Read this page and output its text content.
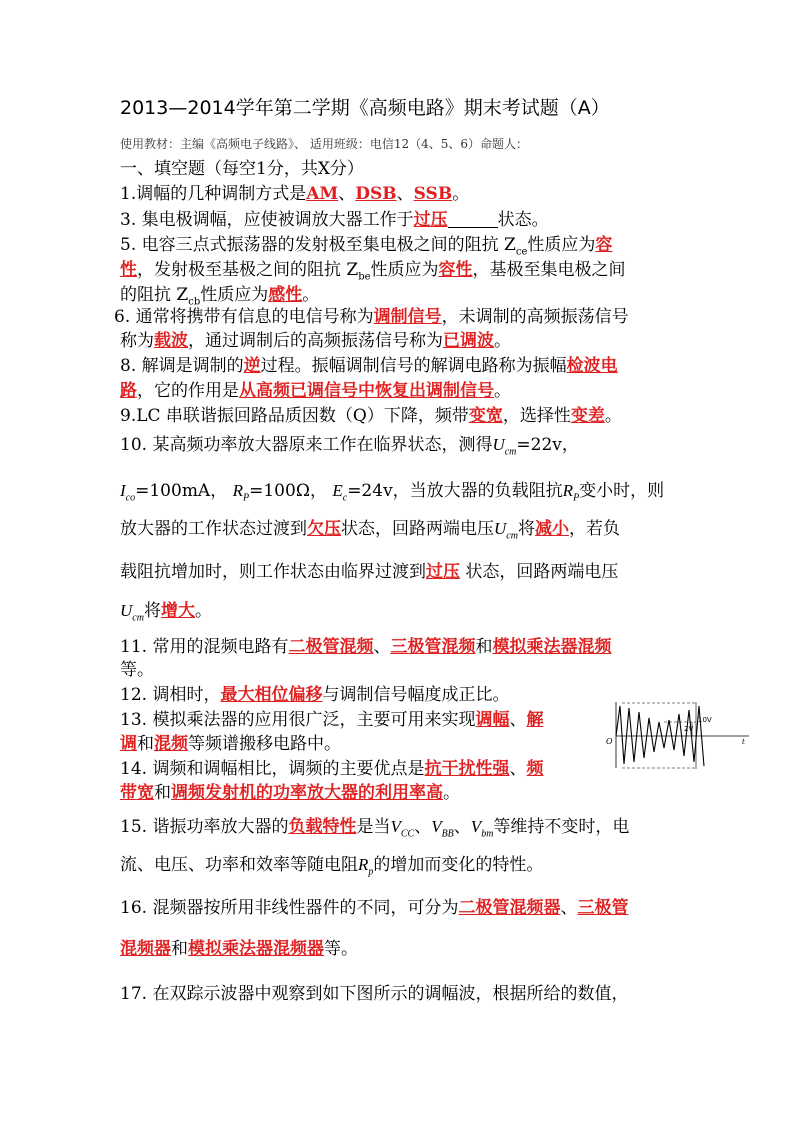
2013—2014学年第二学期《高频电路》期末考试题（A）
使用教材：主编《高频电子线路》、 适用班级：电信12（4、5、6）命题人：
一、填空题（每空1分，共X分）
1.调幅的几种调制方式是AM、DSB、SSB。
3. 集电极调幅，应使被调放大器工作于过压	状态。
5. 电容三点式振荡器的发射极至集电极之间的阻抗 $Z_{ce}$性质应为容
性，发射极至基极之间的阻抗 $Z_{be}$性质应为容性，基极至集电极之间
的阻抗 $Z_{cb}$性质应为感性。
6. 通常将携带有信息的电信号称为调制信号，未调制的高频振荡信号
称为载波，通过调制后的高频振荡信号称为已调波。
8. 解调是调制的逆过程。振幅调制信号的解调电路称为振幅检波电
路，它的作用是从高频已调信号中恢复出调制信号。
9.LC 串联谐振回路品质因数（Q）下降，频带变宽，选择性变差。
10. 某高频功率放大器原来工作在临界状态，测得$U_{cm}=22v$，
$I_{co}=100mA$， $R_P=100\Omega$， $E_c=24v$，当放大器的负载阻抗$R_P$变小时，则
放大器的工作状态过渡到欠压状态，回路两端电压$U_{cm}$将减小，若负
载阻抗增加时，则工作状态由临界过渡到过压 状态，回路两端电压
$U_{cm}$将增大。
11. 常用的混频电路有二极管混频、三极管混频和模拟乘法器混频
等。
12. 调相时，最大相位偏移与调制信号幅度成正比。
13. 模拟乘法器的应用很广泛，主要可用来实现调幅、解
调和混频等频谱搬移电路中。
14. 调频和调幅相比，调频的主要优点是抗干扰性强、频
带宽和调频发射机的功率放大器的利用率高。
15. 谐振功率放大器的负载特性是当$V_{CC}$、$V_{BB}$、$V_{bm}$等维持不变时，电
流、电压、功率和效率等随电阻$R_p$的增加而变化的特性。
16. 混频器按所用非线性器件的不同，可分为二极管混频器、三极管
混频器和模拟乘法器混频器等。
17. 在双踪示波器中观察到如下图所示的调幅波，根据所给的数值，
10V
2V
O	t
